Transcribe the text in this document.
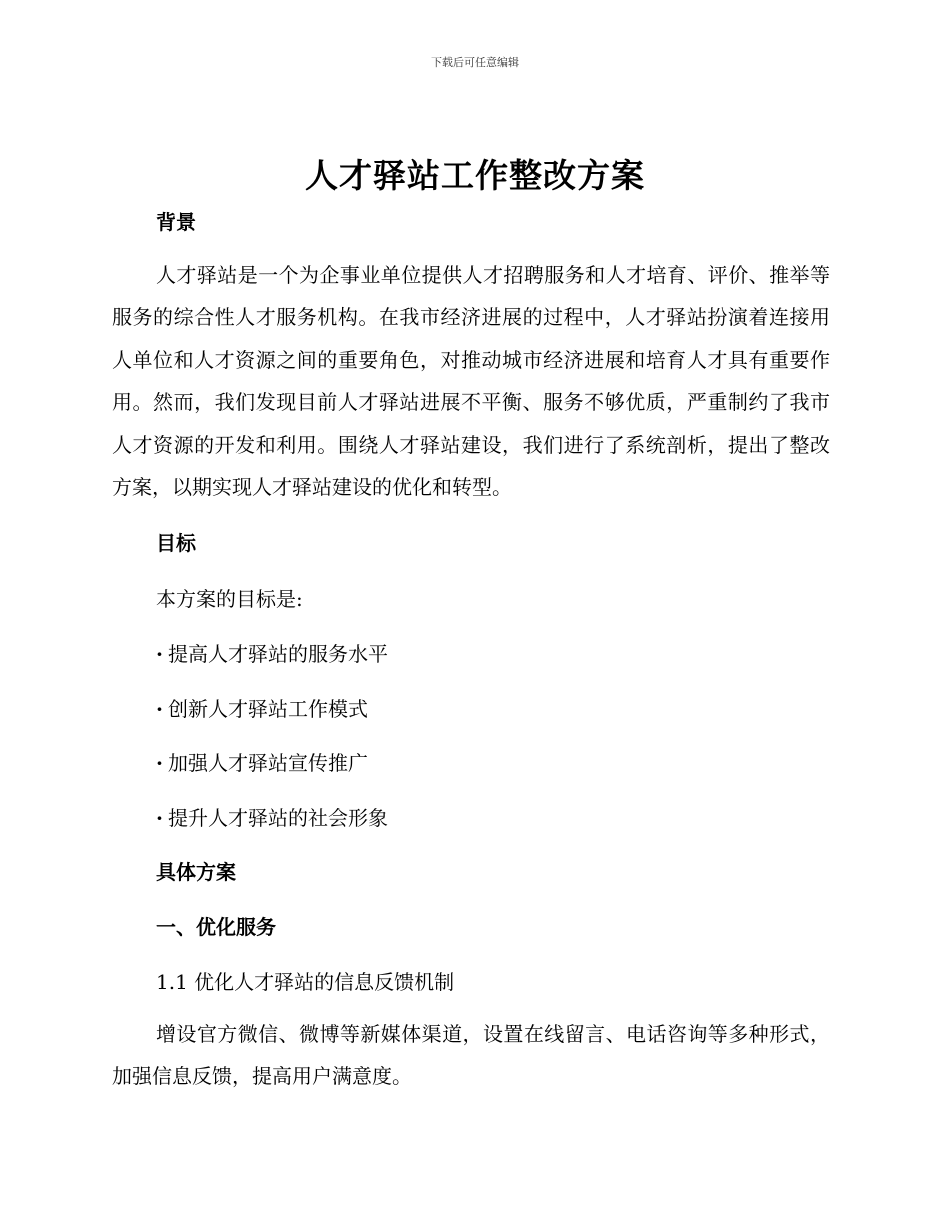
下载后可任意编辑
人才驿站工作整改方案
背景

人才驿站是一个为企事业单位提供人才招聘服务和人才培育、评价、推举等服务的综合性人才服务机构。在我市经济进展的过程中，人才驿站扮演着连接用人单位和人才资源之间的重要角色，对推动城市经济进展和培育人才具有重要作用。然而，我们发现目前人才驿站进展不平衡、服务不够优质，严重制约了我市人才资源的开发和利用。围绕人才驿站建设，我们进行了系统剖析，提出了整改方案，以期实现人才驿站建设的优化和转型。

目标

本方案的目标是:

· 提高人才驿站的服务水平
· 创新人才驿站工作模式
· 加强人才驿站宣传推广
· 提升人才驿站的社会形象
具体方案
一、优化服务

1.1 优化人才驿站的信息反馈机制

增设官方微信、微博等新媒体渠道，设置在线留言、电话咨询等多种形式，加强信息反馈，提高用户满意度。
